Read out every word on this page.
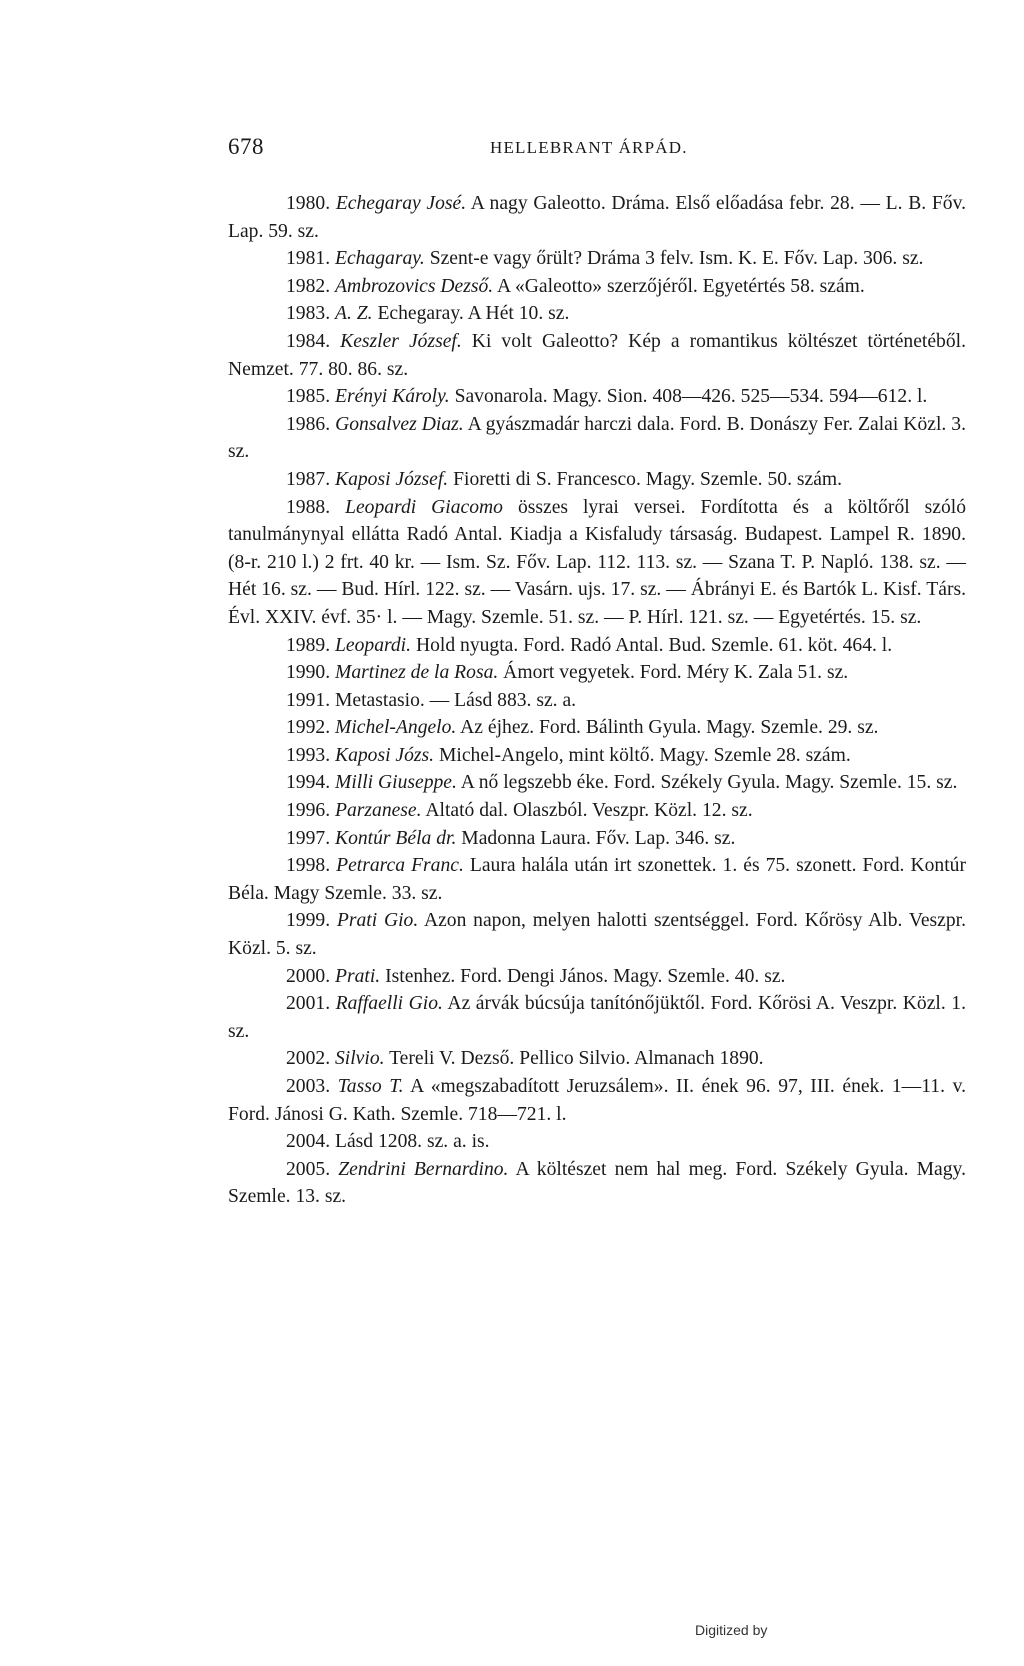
678	HELLEBRANT ÁRPÁD.

1980. Echegaray José. A nagy Galeotto. Dráma. Első előadása febr. 28. — L. B. Főv. Lap. 59. sz.

1981. Echagaray. Szent-e vagy őrült? Dráma 3 felv. Ism. K. E. Főv. Lap. 306. sz.

1982. Ambrozovics Dezső. A «Galeotto» szerzőjéről. Egyetértés 58. szám.

1983. A. Z. Echegaray. A Hét 10. sz.

1984. Keszler József. Ki volt Galeotto? Kép a romantikus költészet történetéből. Nemzet. 77. 80. 86. sz.

1985. Erényi Károly. Savonarola. Magy. Sion. 408—426. 525—534. 594—612. l.

1986. Gonsalvez Diaz. A gyászmadár harczi dala. Ford. B. Donászy Fer. Zalai Közl. 3. sz.

1987. Kaposi József. Fioretti di S. Francesco. Magy. Szemle. 50. szám.

1988. Leopardi Giacomo összes lyrai versei. Fordította és a költőről szóló tanulmánynyal ellátta Radó Antal. Kiadja a Kisfaludy társaság. Budapest. Lampel R. 1890. (8-r. 210 l.) 2 frt. 40 kr. — Ism. Sz. Főv. Lap. 112. 113. sz. — Szana T. P. Napló. 138. sz. — Hét 16. sz. — Bud. Hírl. 122. sz. — Vasárn. ujs. 17. sz. — Ábrányi E. és Bartók L. Kisf. Társ. Évl. XXIV. évf. 35· l. — Magy. Szemle. 51. sz. — P. Hírl. 121. sz. — Egyetértés. 15. sz.

1989. Leopardi. Hold nyugta. Ford. Radó Antal. Bud. Szemle. 61. köt. 464. l.

1990. Martinez de la Rosa. Ámort vegyetek. Ford. Méry K. Zala 51. sz.

1991. Metastasio. — Lásd 883. sz. a.

1992. Michel-Angelo. Az éjhez. Ford. Bálinth Gyula. Magy. Szemle. 29. sz.

1993. Kaposi Józs. Michel-Angelo, mint költő. Magy. Szemle 28. szám.

1994. Milli Giuseppe. A nő legszebb éke. Ford. Székely Gyula. Magy. Szemle. 15. sz.

1996. Parzanese. Altató dal. Olaszból. Veszpr. Közl. 12. sz.

1997. Kontúr Béla dr. Madonna Laura. Főv. Lap. 346. sz.

1998. Petrarca Franc. Laura halála után irt szonettek. 1. és 75. szonett. Ford. Kontúr Béla. Magy Szemle. 33. sz.

1999. Prati Gio. Azon napon, melyen halotti szentséggel. Ford. Kőrösy Alb. Veszpr. Közl. 5. sz.

2000. Prati. Istenhez. Ford. Dengi János. Magy. Szemle. 40. sz.

2001. Raffaelli Gio. Az árvák búcsúja tanítónőjüktől. Ford. Kőrösi A. Veszpr. Közl. 1. sz.

2002. Silvio. Tereli V. Dezső. Pellico Silvio. Almanach 1890.

2003. Tasso T. A «megszabadított Jeruzsálem». II. ének 96. 97, III. ének. 1—11. v. Ford. Jánosi G. Kath. Szemle. 718—721. l.

2004. Lásd 1208. sz. a. is.

2005. Zendrini Bernardino. A költészet nem hal meg. Ford. Székely Gyula. Magy. Szemle. 13. sz.

Digitized by
